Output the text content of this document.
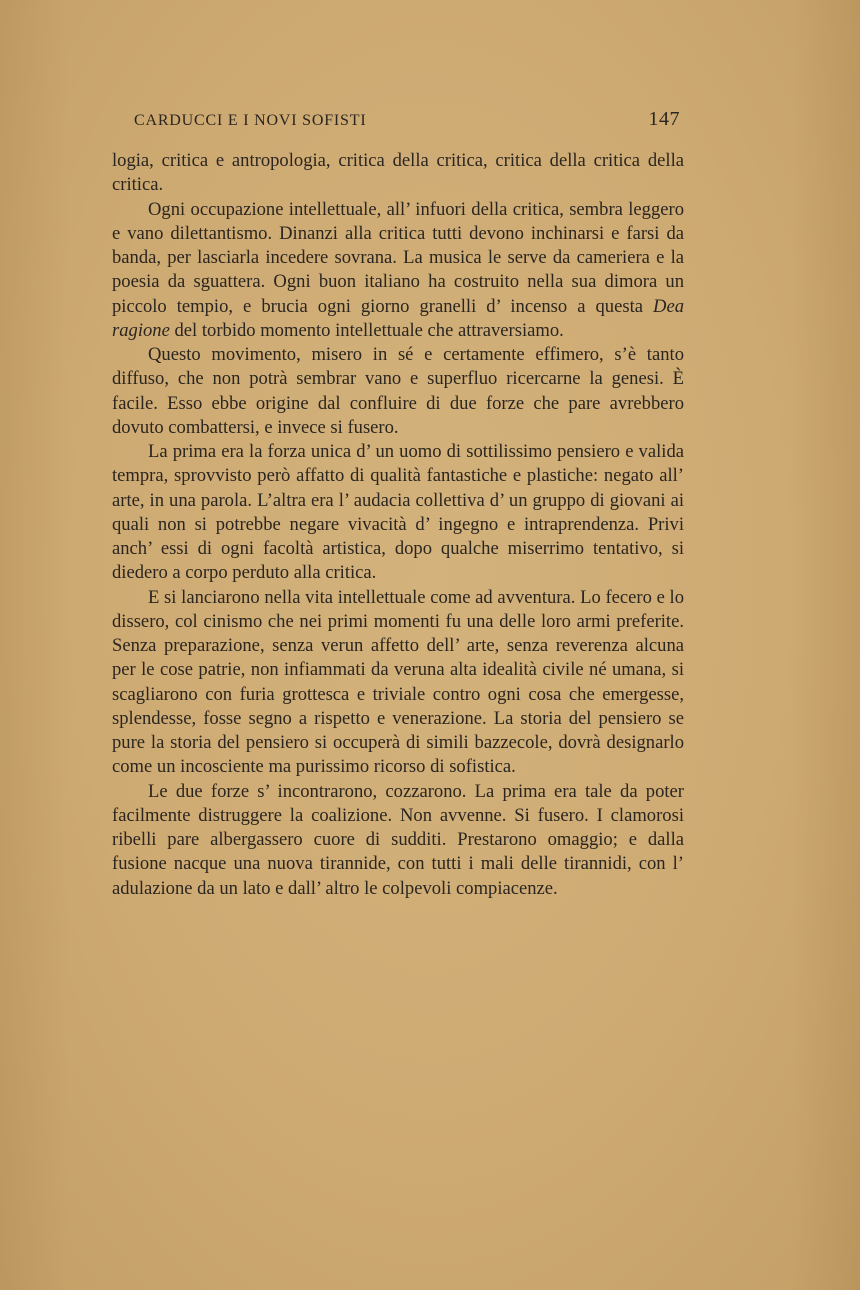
CARDUCCI E I NOVI SOFISTI	147

logia, critica e antropologia, critica della critica, critica della critica della critica.

Ogni occupazione intellettuale, all’ infuori della critica, sembra leggero e vano dilettantismo. Dinanzi alla critica tutti devono inchinarsi e farsi da banda, per lasciarla incedere sovrana. La musica le serve da cameriera e la poesia da sguattera. Ogni buon italiano ha costruito nella sua dimora un piccolo tempio, e brucia ogni giorno granelli d’ incenso a questa Dea ragione del torbido momento intellettuale che attraversiamo.

Questo movimento, misero in sé e certamente effimero, s’è tanto diffuso, che non potrà sembrar vano e superfluo ricercarne la genesi. È facile. Esso ebbe origine dal confluire di due forze che pare avrebbero dovuto combattersi, e invece si fusero.

La prima era la forza unica d’ un uomo di sottilissimo pensiero e valida tempra, sprovvisto però affatto di qualità fantastiche e plastiche: negato all’ arte, in una parola. L’altra era l’ audacia collettiva d’ un gruppo di giovani ai quali non si potrebbe negare vivacità d’ ingegno e intraprendenza. Privi anch’ essi di ogni facoltà artistica, dopo qualche miserrimo tentativo, si diedero a corpo perduto alla critica.

E si lanciarono nella vita intellettuale come ad avventura. Lo fecero e lo dissero, col cinismo che nei primi momenti fu una delle loro armi preferite. Senza preparazione, senza verun affetto dell’ arte, senza reverenza alcuna per le cose patrie, non infiammati da veruna alta idealità civile né umana, si scagliarono con furia grottesca e triviale contro ogni cosa che emergesse, splendesse, fosse segno a rispetto e venerazione. La storia del pensiero se pure la storia del pensiero si occuperà di simili bazzecole, dovrà designarlo come un incosciente ma purissimo ricorso di sofistica.

Le due forze s’ incontrarono, cozzarono. La prima era tale da poter facilmente distruggere la coalizione. Non avvenne. Si fusero. I clamorosi ribelli pare albergassero cuore di sudditi. Prestarono omaggio; e dalla fusione nacque una nuova tirannide, con tutti i mali delle tirannidi, con l’ adulazione da un lato e dall’ altro le colpevoli compiacenze.
